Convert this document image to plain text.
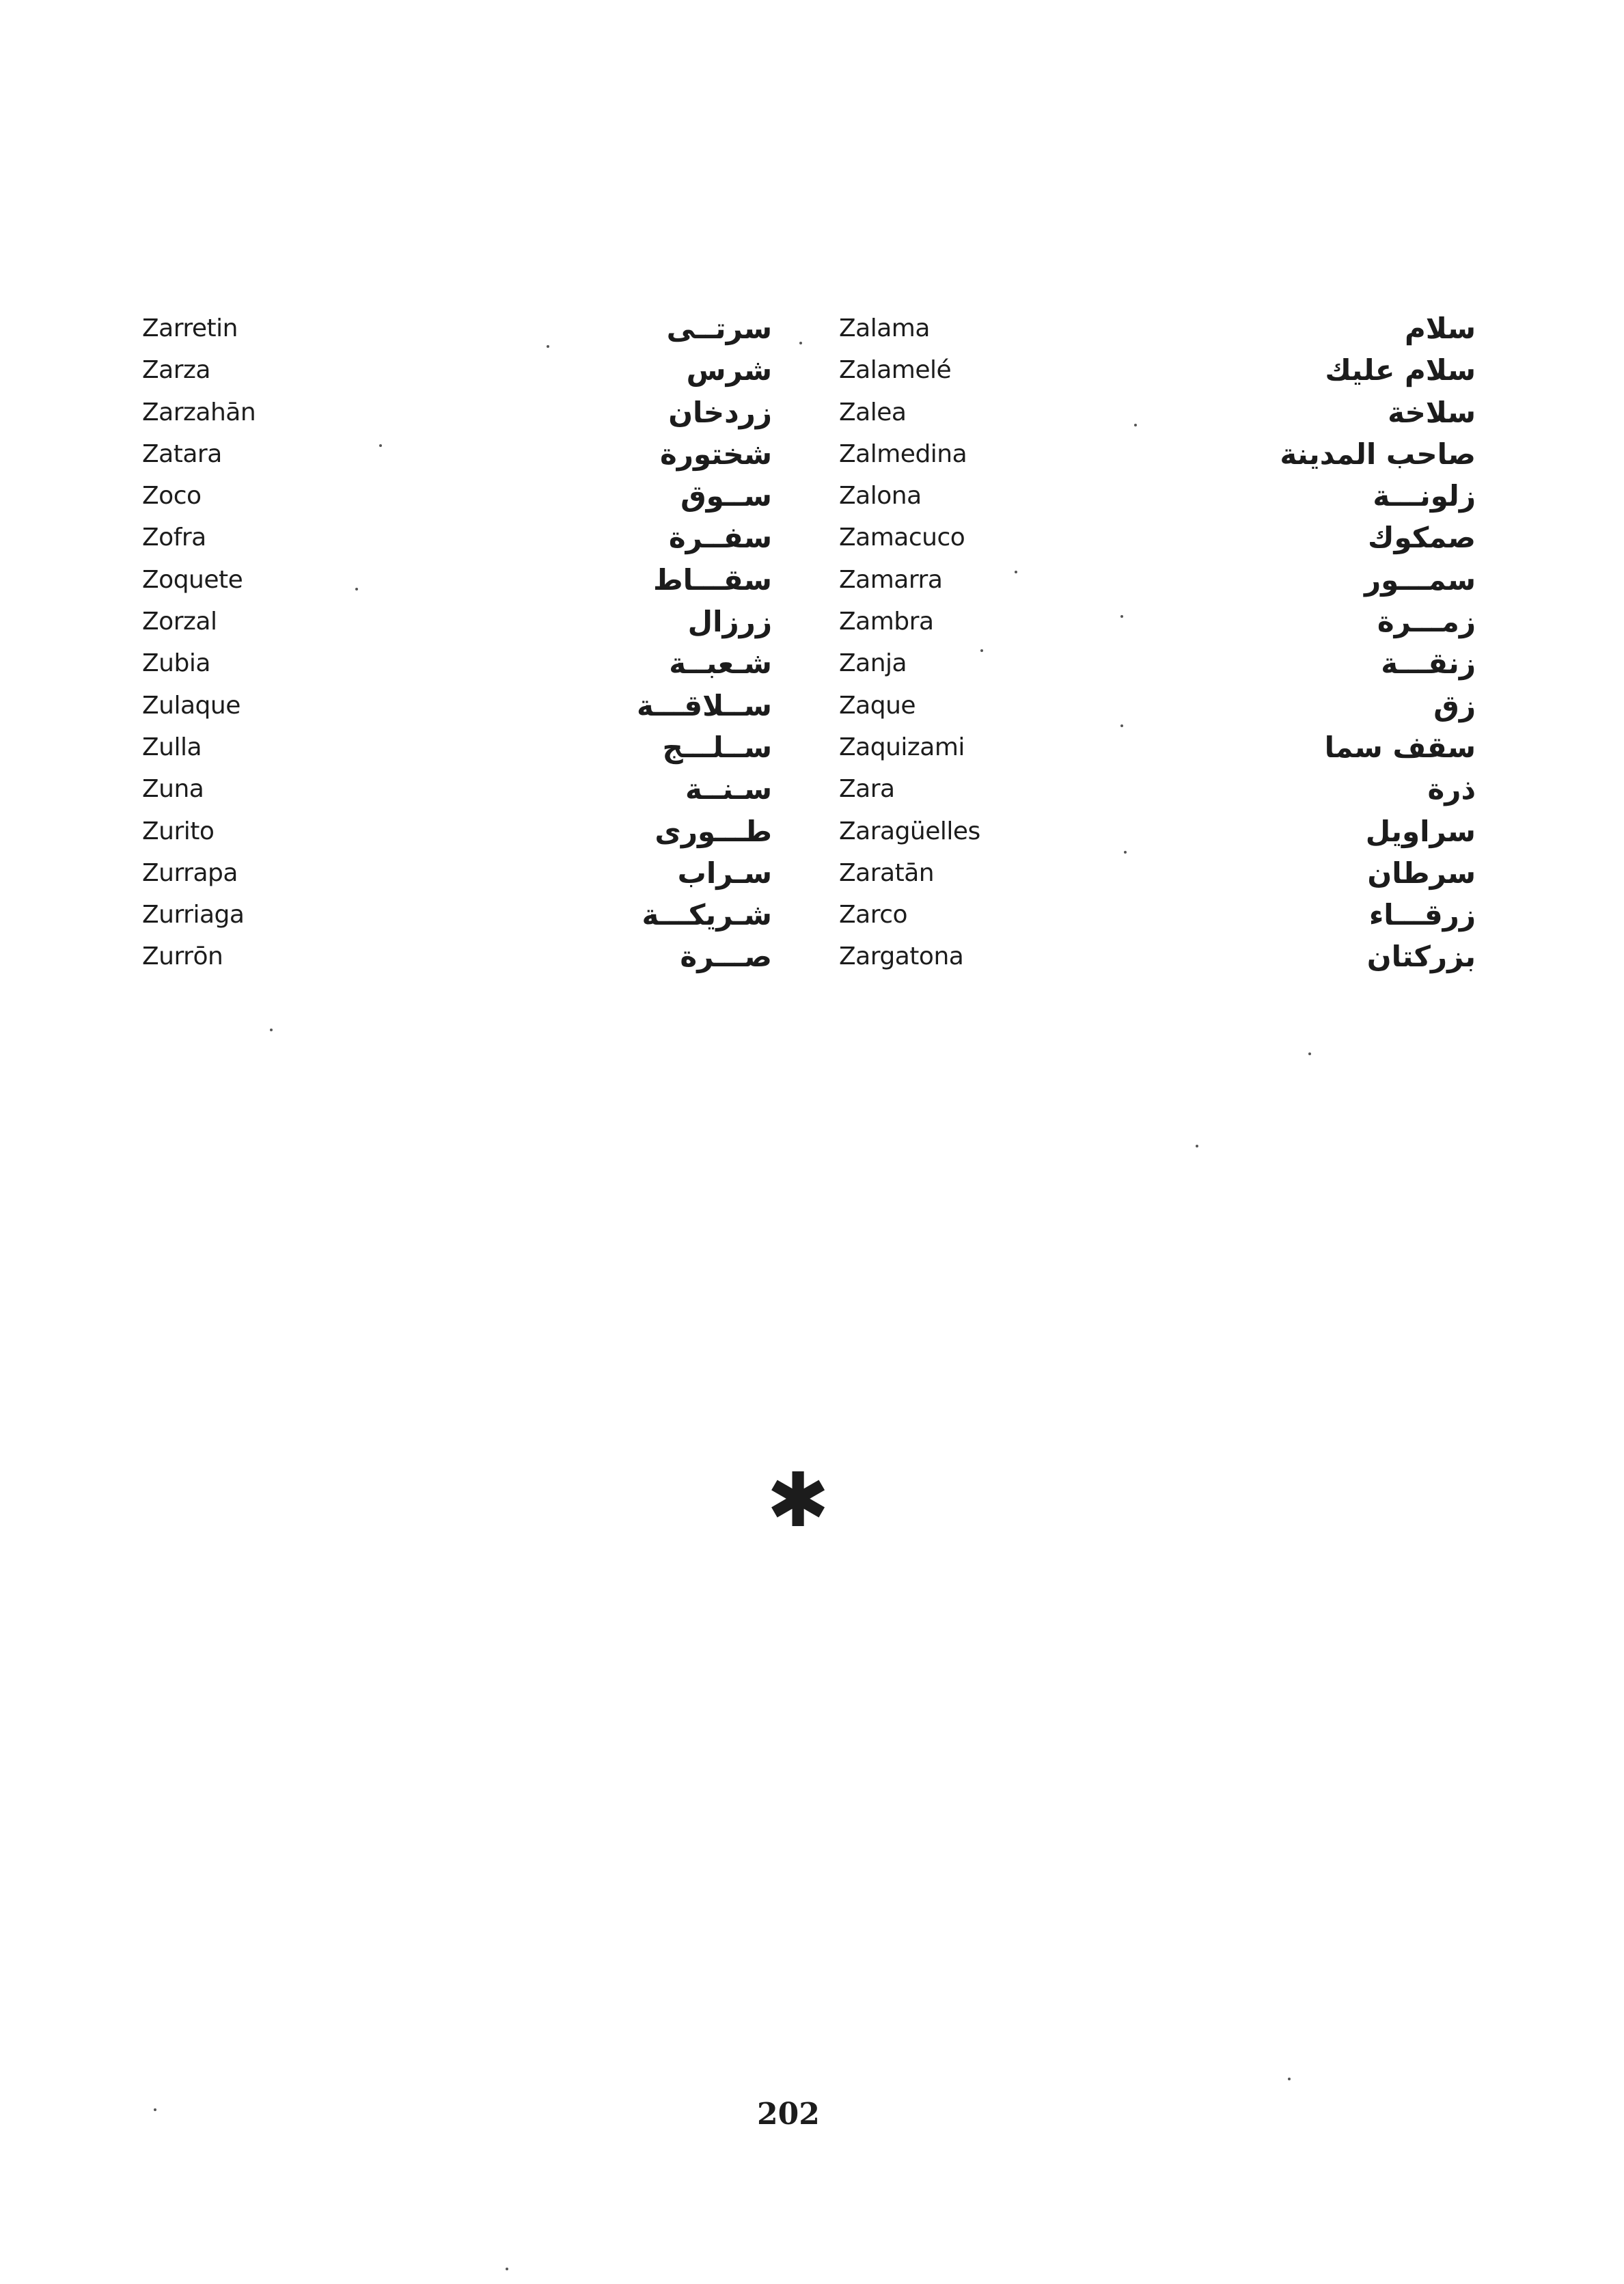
Zarretin
Zarza
Zarzahān
Zatara
Zoco
Zofra
Zoquete
Zorzal
Zubia
Zulaque
Zulla
Zuna
Zurito
Zurrapa
Zurriaga
Zurrōn
سرتــى
شرس
زردخان
شختورة
ســوق
سفــرة
سقـــاط
زرزال
شـعبــة
ســلاقـــة
ســلـــج
سـنــة
طـــورى
سـراب
شـريكـــة
صـــرة
Zalama
Zalamelé
Zalea
Zalmedina
Zalona
Zamacuco
Zamarra
Zambra
Zanja
Zaque
Zaquizami
Zara
Zaragüelles
Zaratān
Zarco
Zargatona
سلام
سلام عليك
سلاخة
صاحب المدينة
زلونـــة
صمكوك
سمـــور
زمـــرة
زنقـــة
زق
سقف سما
ذرة
سراويل
سرطان
زرقـــاء
بزركتان
✱
202
